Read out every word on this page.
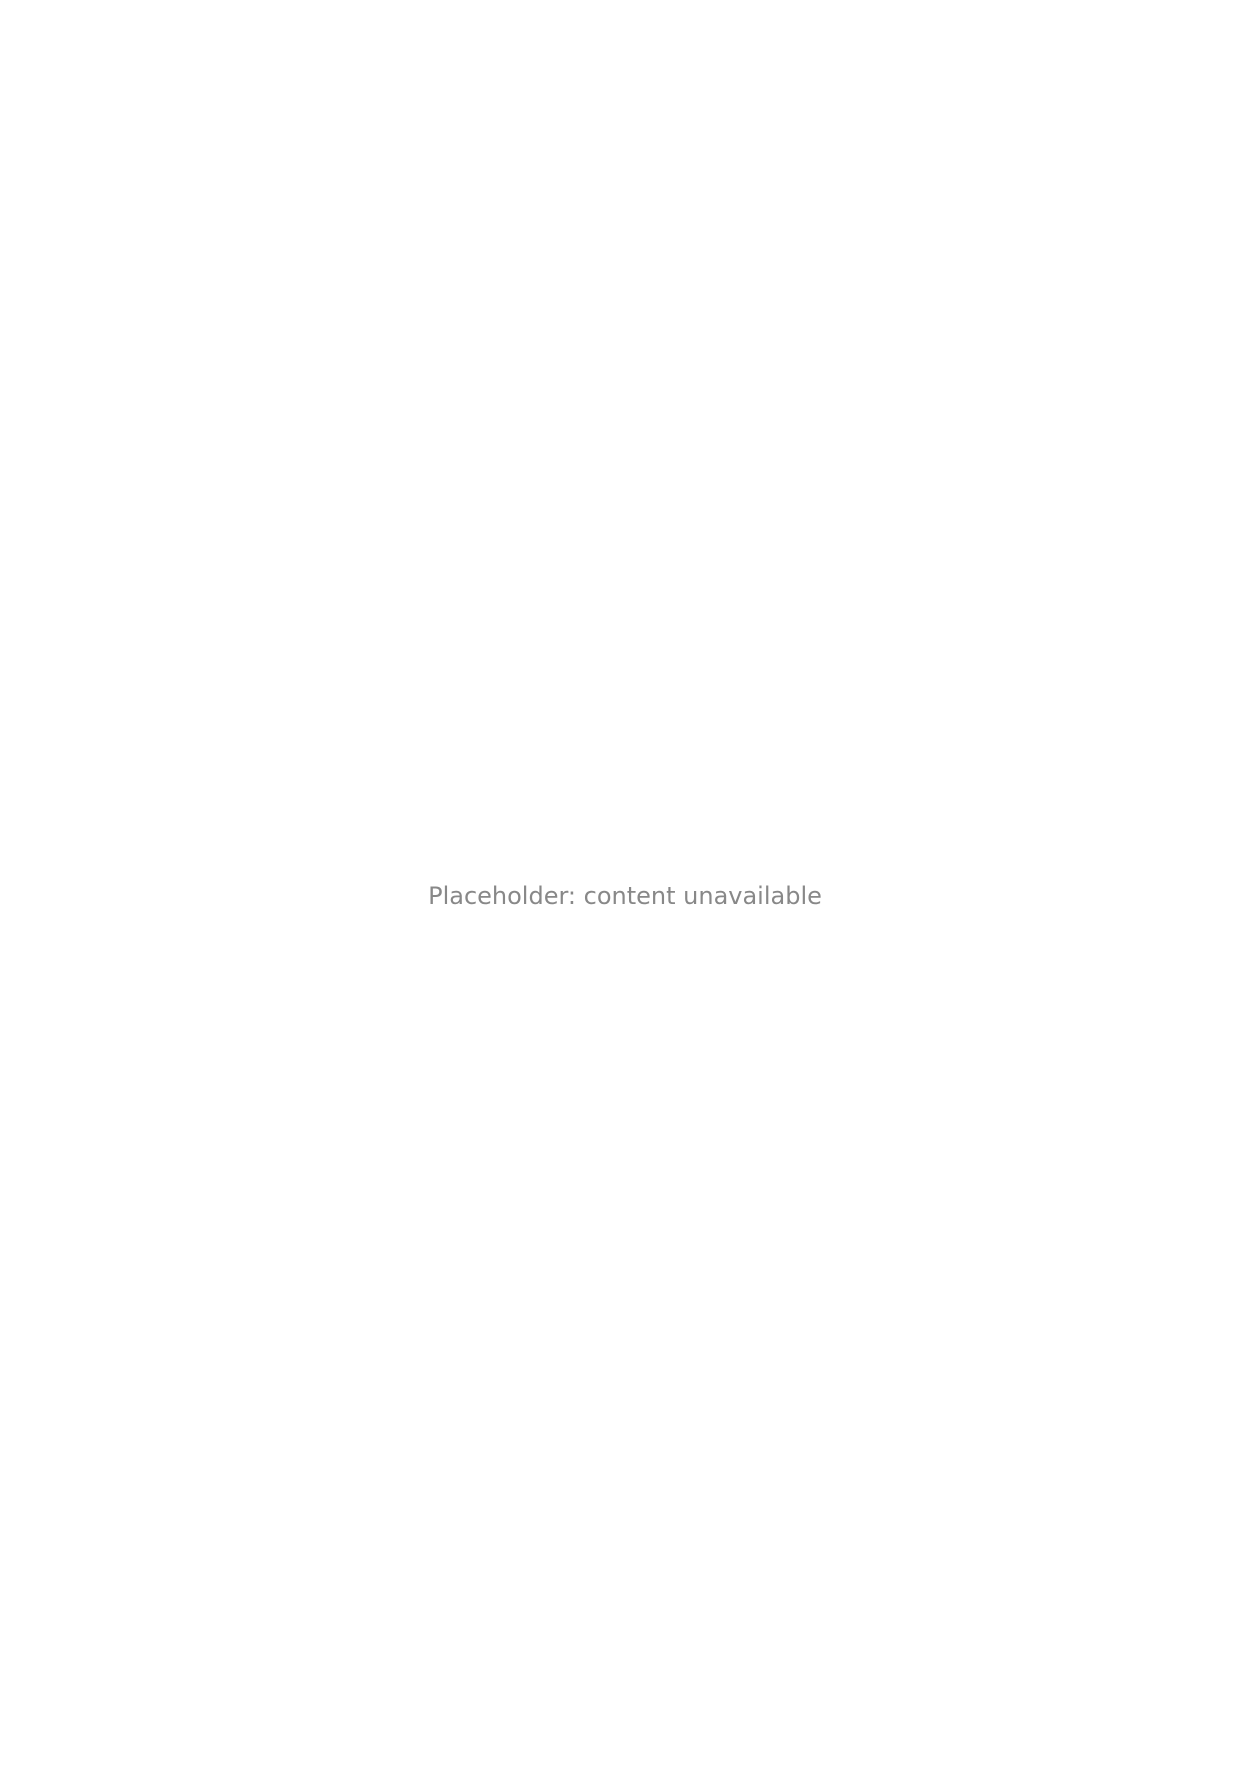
Placeholder: content unavailable
